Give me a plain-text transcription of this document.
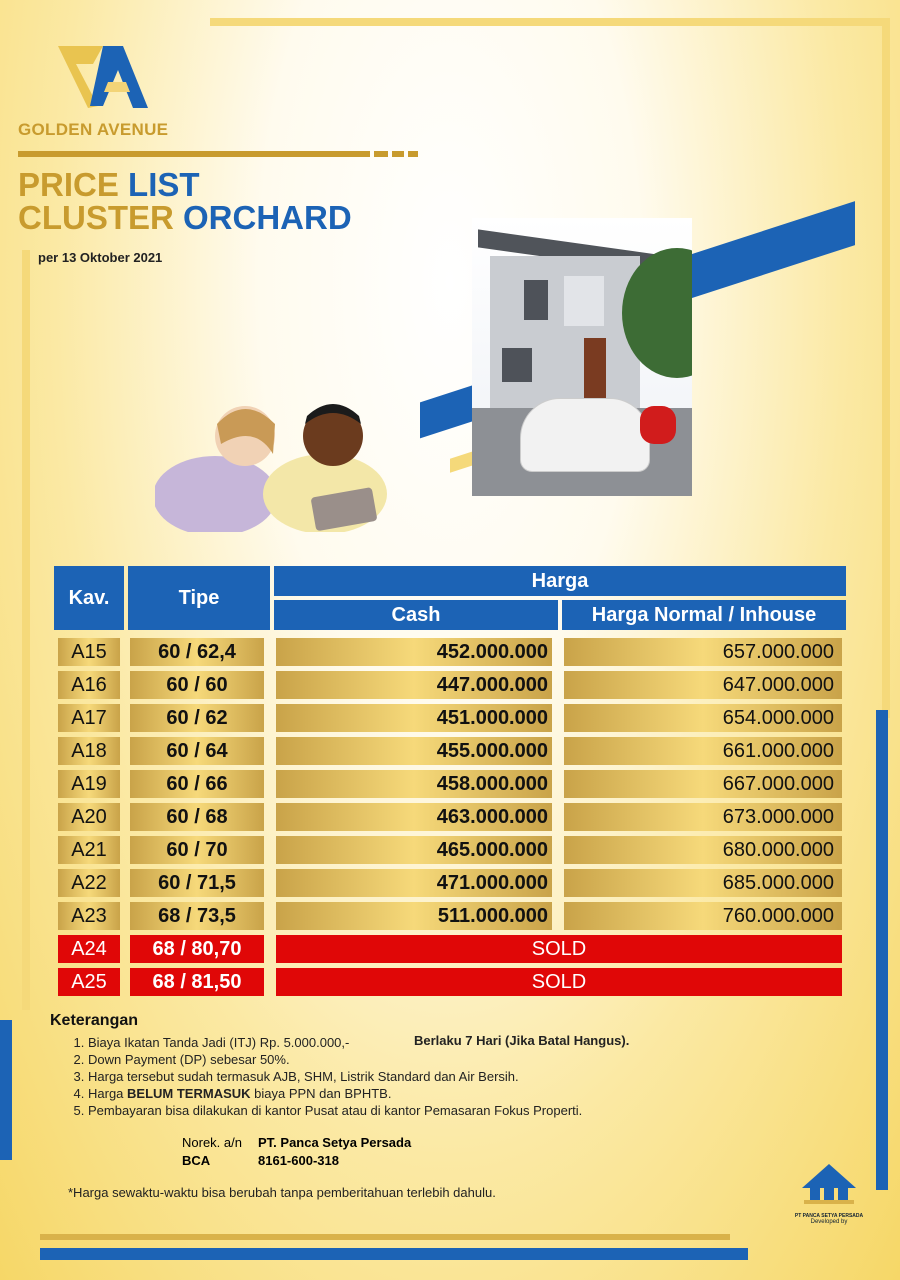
GOLDEN AVENUE
PRICE LIST
CLUSTER ORCHARD
per 13 Oktober 2021
Kav.	Tipe
Harga
Cash	Harga Normal / Inhouse
A15	60 / 62,4	452.000.000	657.000.000
A16	60 / 60	447.000.000	647.000.000
A17	60 / 62	451.000.000	654.000.000
A18	60 / 64	455.000.000	661.000.000
A19	60 / 66	458.000.000	667.000.000
A20	60 / 68	463.000.000	673.000.000
A21	60 / 70	465.000.000	680.000.000
A22	60 / 71,5	471.000.000	685.000.000
A23	68 / 73,5	511.000.000	760.000.000
A24	68 / 80,70	SOLD
A25	68 / 81,50	SOLD
Keterangan
Berlaku 7 Hari (Jika Batal Hangus).
1. Biaya Ikatan Tanda Jadi (ITJ) Rp. 5.000.000,-
2. Down Payment (DP) sebesar 50%.
3. Harga tersebut sudah termasuk AJB, SHM, Listrik Standard dan Air Bersih.
4. Harga BELUM TERMASUK biaya PPN dan BPHTB.
5. Pembayaran bisa dilakukan di kantor Pusat atau di kantor Pemasaran Fokus Properti.
Norek. a/n	PT. Panca Setya Persada
BCA	8161-600-318
*Harga sewaktu-waktu bisa berubah tanpa pemberitahuan terlebih dahulu.
PT PANCA SETYA PERSADA
Developed by
